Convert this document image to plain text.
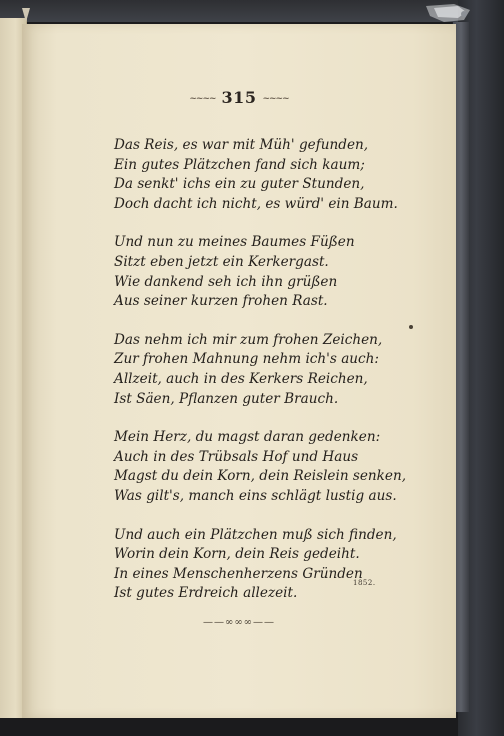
~~~~ 315 ~~~~
Das Reis, es war mit Müh' gefunden,
Ein gutes Plätzchen fand sich kaum;
Da senkt' ichs ein zu guter Stunden,
Doch dacht ich nicht, es würd' ein Baum.
Und nun zu meines Baumes Füßen
Sitzt eben jetzt ein Kerkergast.
Wie dankend seh ich ihn grüßen
Aus seiner kurzen frohen Rast.
Das nehm ich mir zum frohen Zeichen,
Zur frohen Mahnung nehm ich's auch:
Allzeit, auch in des Kerkers Reichen,
Ist Säen, Pflanzen guter Brauch.
Mein Herz, du magst daran gedenken:
Auch in des Trübsals Hof und Haus
Magst du dein Korn, dein Reislein senken,
Was gilt's, manch eins schlägt lustig aus.
Und auch ein Plätzchen muß sich finden,
Worin dein Korn, dein Reis gedeiht.
In eines Menschenherzens Gründen
Ist gutes Erdreich allezeit.
1852.
——∞∞∞——
